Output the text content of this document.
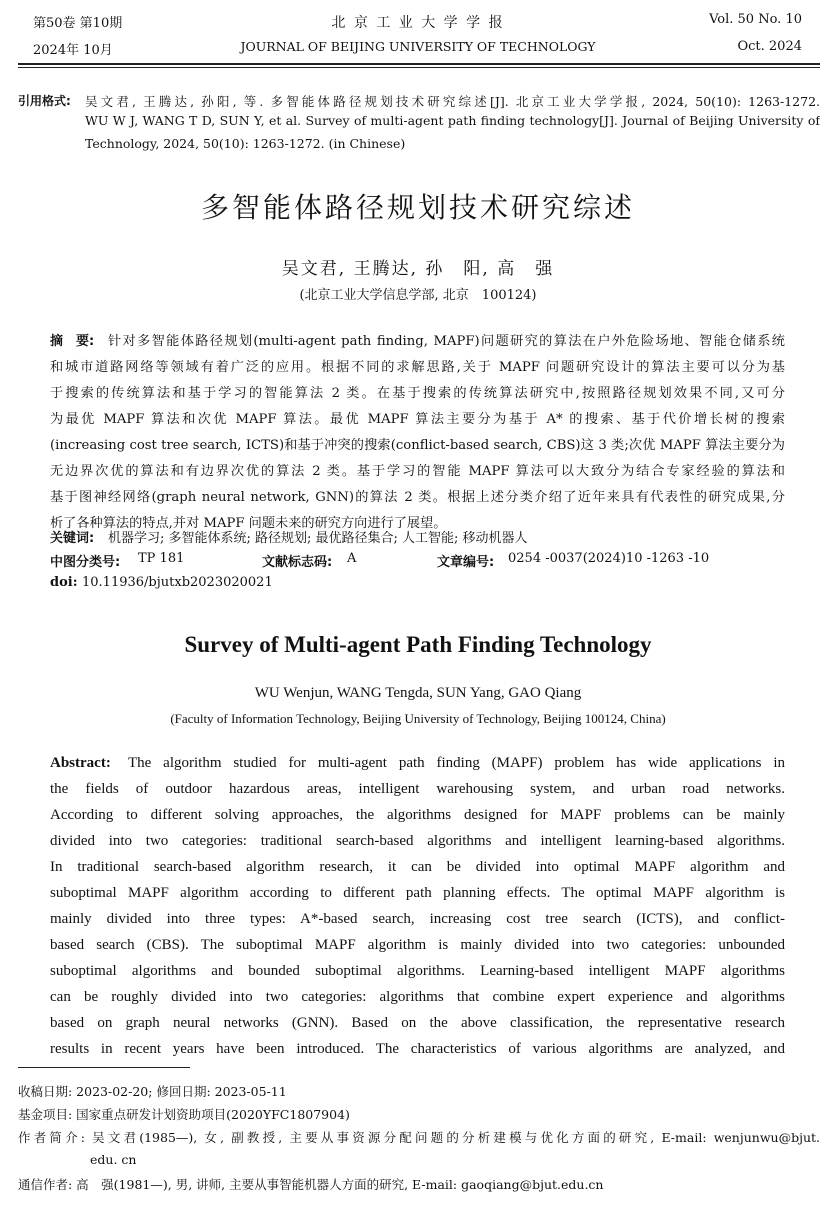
第50卷 第10期
2024年 10月
北 京 工 业 大 学 学 报
JOURNAL OF BEIJING UNIVERSITY OF TECHNOLOGY
Vol. 50 No. 10
Oct. 2024
引用格式: 吴文君, 王腾达, 孙阳, 等. 多智能体路径规划技术研究综述[J]. 北京工业大学学报, 2024, 50(10): 1263-1272.
WU W J, WANG T D, SUN Y, et al. Survey of multi-agent path finding technology[J]. Journal of Beijing University of
Technology, 2024, 50(10): 1263-1272. (in Chinese)
多智能体路径规划技术研究综述
吴文君, 王腾达, 孙　阳, 高　强
(北京工业大学信息学部, 北京　100124)
摘　要: 针对多智能体路径规划(multi-agent path finding, MAPF)问题研究的算法在户外危险场地、智能仓储系统
和城市道路网络等领域有着广泛的应用。根据不同的求解思路,关于 MAPF 问题研究设计的算法主要可以分为基
于搜索的传统算法和基于学习的智能算法 2 类。在基于搜索的传统算法研究中,按照路径规划效果不同,又可分
为最优 MAPF 算法和次优 MAPF 算法。最优 MAPF 算法主要分为基于 A* 的搜索、基于代价增长树的搜索
(increasing cost tree search, ICTS)和基于冲突的搜索(conflict-based search, CBS)这 3 类;次优 MAPF 算法主要分为
无边界次优的算法和有边界次优的算法 2 类。基于学习的智能 MAPF 算法可以大致分为结合专家经验的算法和
基于图神经网络(graph neural network, GNN)的算法 2 类。根据上述分类介绍了近年来具有代表性的研究成果,分
析了各种算法的特点,并对 MAPF 问题未来的研究方向进行了展望。
关键词: 机器学习; 多智能体系统; 路径规划; 最优路径集合; 人工智能; 移动机器人
中图分类号: TP 181	文献标志码: A	文章编号: 0254 -0037(2024)10 -1263 -10
doi: 10.11936/bjutxb2023020021
Survey of Multi-agent Path Finding Technology
WU Wenjun, WANG Tengda, SUN Yang, GAO Qiang
(Faculty of Information Technology, Beijing University of Technology, Beijing 100124, China)
Abstract: The algorithm studied for multi-agent path finding (MAPF) problem has wide applications in
the fields of outdoor hazardous areas, intelligent warehousing system, and urban road networks.
According to different solving approaches, the algorithms designed for MAPF problems can be mainly
divided into two categories: traditional search-based algorithms and intelligent learning-based algorithms.
In traditional search-based algorithm research, it can be divided into optimal MAPF algorithm and
suboptimal MAPF algorithm according to different path planning effects. The optimal MAPF algorithm is
mainly divided into three types: A*-based search, increasing cost tree search (ICTS), and conflict-
based search (CBS). The suboptimal MAPF algorithm is mainly divided into two categories: unbounded
suboptimal algorithms and bounded suboptimal algorithms. Learning-based intelligent MAPF algorithms
can be roughly divided into two categories: algorithms that combine expert experience and algorithms
based on graph neural networks (GNN). Based on the above classification, the representative research
results in recent years have been introduced. The characteristics of various algorithms are analyzed, and
收稿日期: 2023-02-20; 修回日期: 2023-05-11
基金项目: 国家重点研发计划资助项目(2020YFC1807904)
作者简介: 吴文君(1985—), 女, 副教授, 主要从事资源分配问题的分析建模与优化方面的研究, E-mail: wenjunwu@bjut.
edu. cn
通信作者: 高　强(1981—), 男, 讲师, 主要从事智能机器人方面的研究, E-mail: gaoqiang@bjut.edu.cn
